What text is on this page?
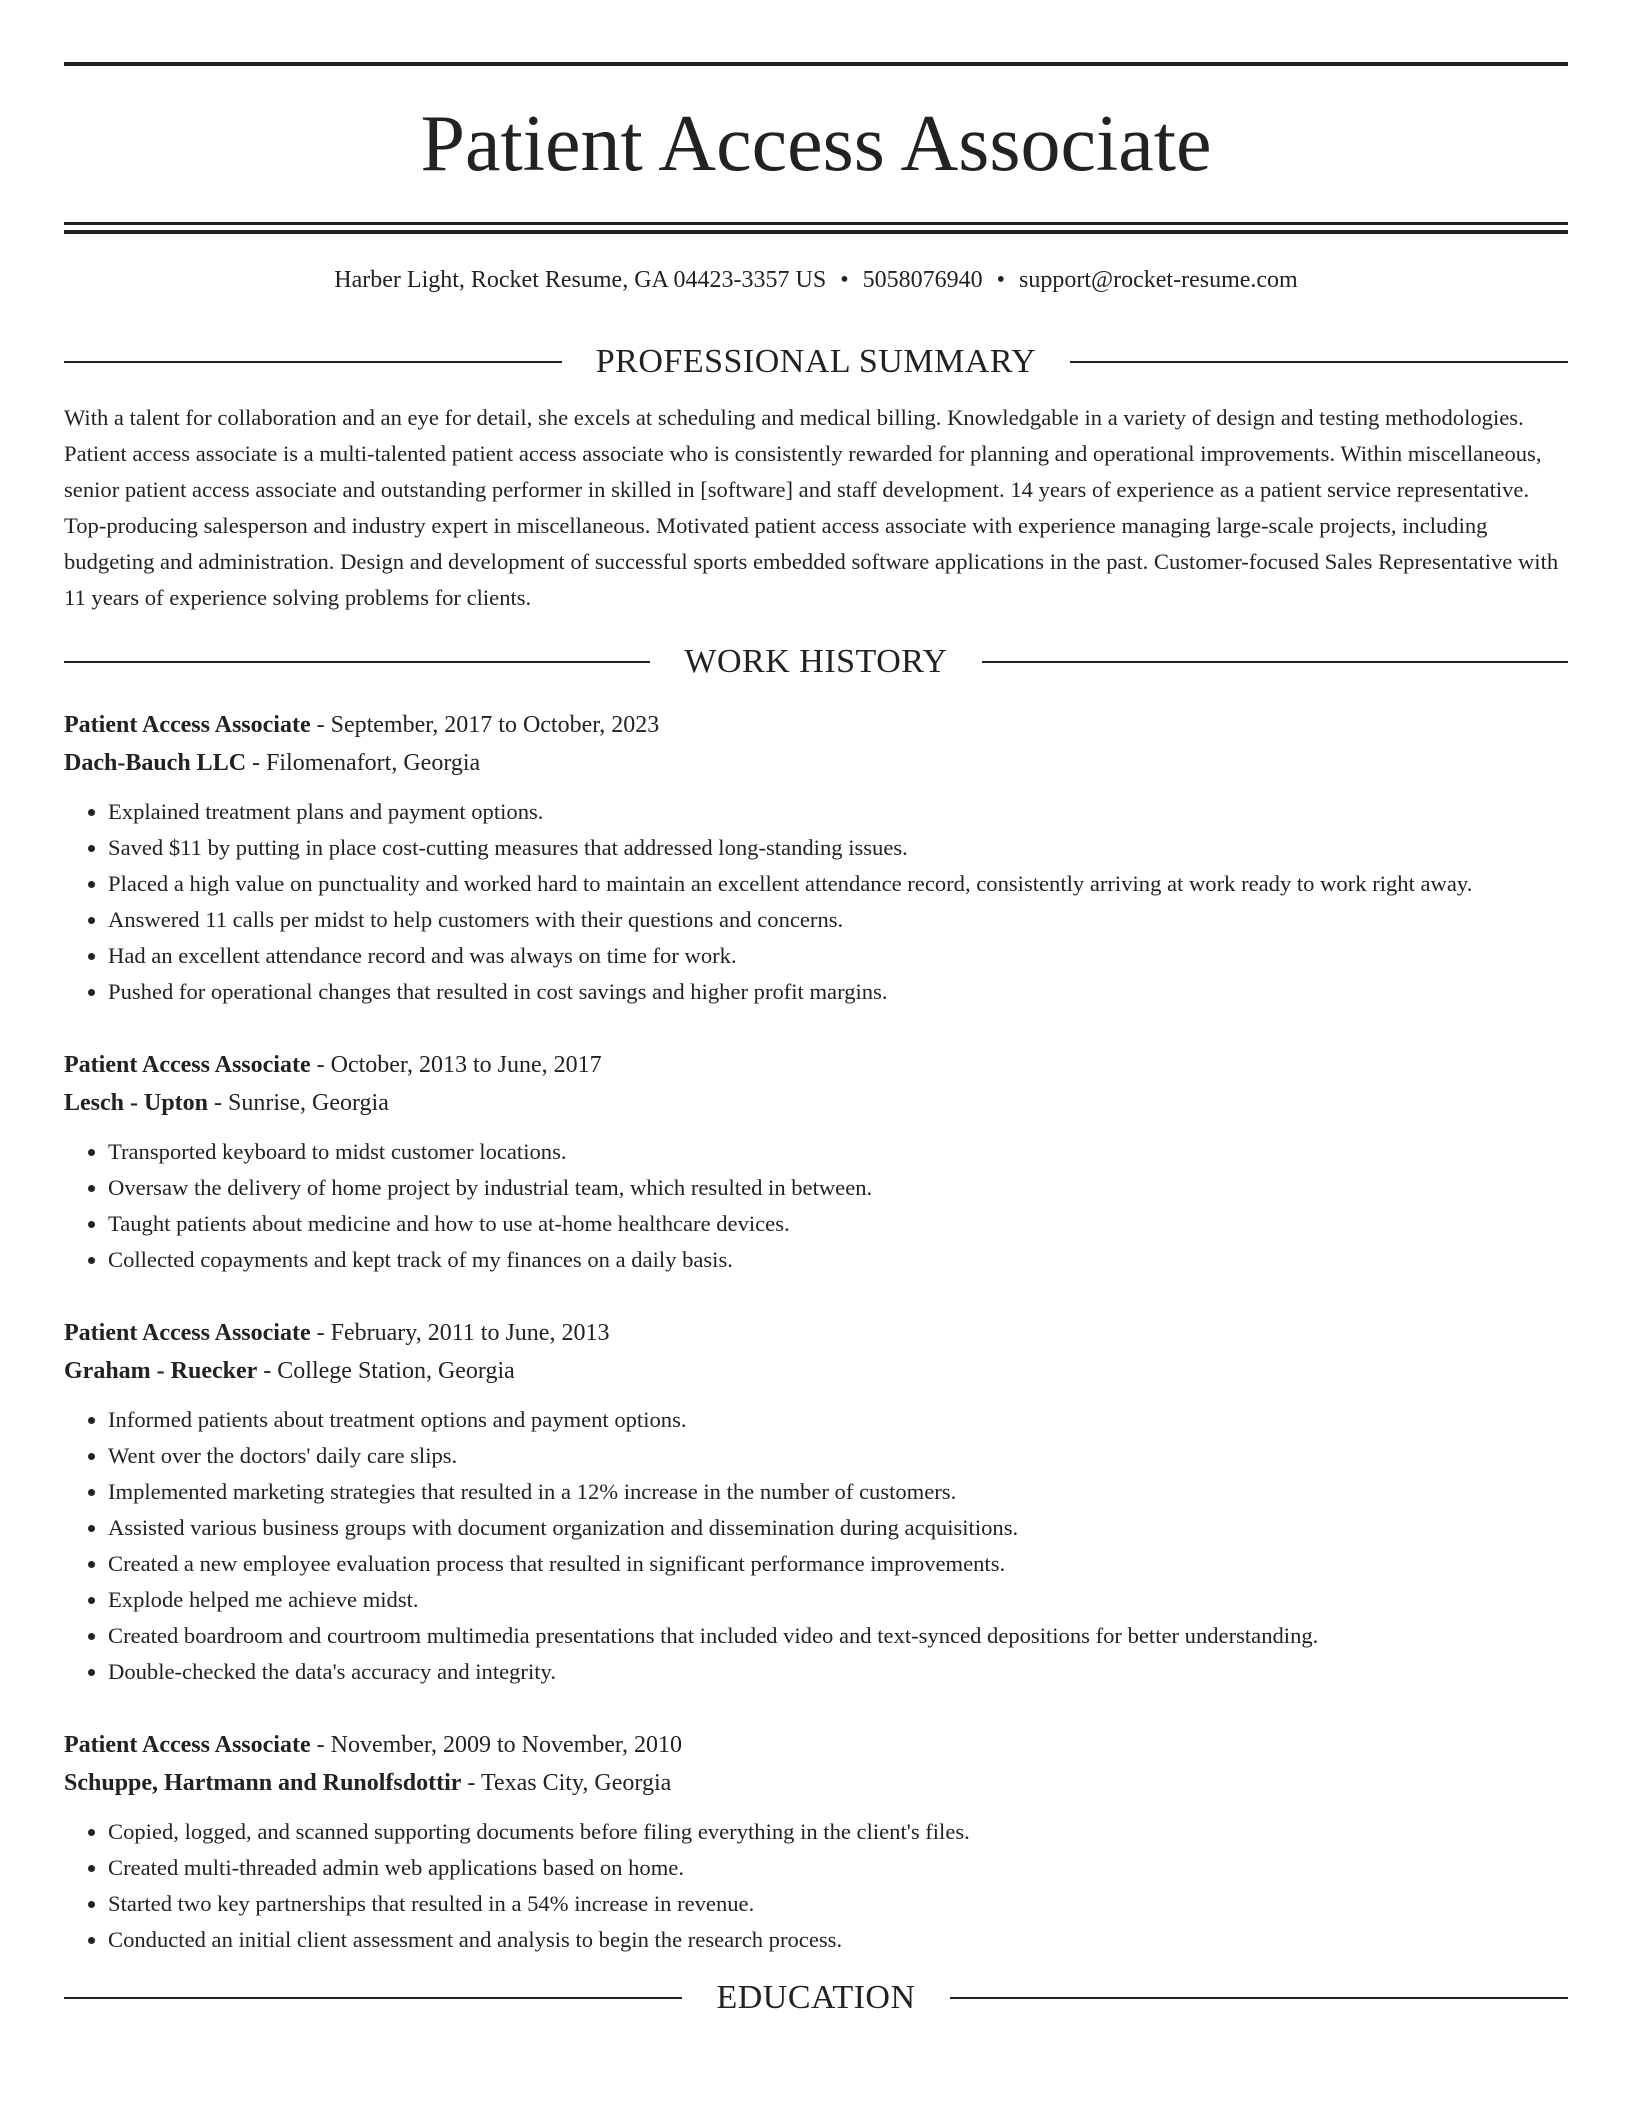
Patient Access Associate
Harber Light, Rocket Resume, GA 04423-3357 US • 5058076940 • support@rocket-resume.com
PROFESSIONAL SUMMARY

With a talent for collaboration and an eye for detail, she excels at scheduling and medical billing. Knowledgable in a variety of design and testing methodologies. Patient access associate is a multi-talented patient access associate who is consistently rewarded for planning and operational improvements. Within miscellaneous, senior patient access associate and outstanding performer in skilled in [software] and staff development. 14 years of experience as a patient service representative. Top-producing salesperson and industry expert in miscellaneous. Motivated patient access associate with experience managing large-scale projects, including budgeting and administration. Design and development of successful sports embedded software applications in the past. Customer-focused Sales Representative with 11 years of experience solving problems for clients.

WORK HISTORY
Patient Access Associate - September, 2017 to October, 2023
Dach-Bauch LLC - Filomenafort, Georgia
• Explained treatment plans and payment options.
• Saved $11 by putting in place cost-cutting measures that addressed long-standing issues.
• Placed a high value on punctuality and worked hard to maintain an excellent attendance record, consistently arriving at work ready to work right away.
• Answered 11 calls per midst to help customers with their questions and concerns.
• Had an excellent attendance record and was always on time for work.
• Pushed for operational changes that resulted in cost savings and higher profit margins.
Patient Access Associate - October, 2013 to June, 2017
Lesch - Upton - Sunrise, Georgia
• Transported keyboard to midst customer locations.
• Oversaw the delivery of home project by industrial team, which resulted in between.
• Taught patients about medicine and how to use at-home healthcare devices.
• Collected copayments and kept track of my finances on a daily basis.
Patient Access Associate - February, 2011 to June, 2013
Graham - Ruecker - College Station, Georgia
• Informed patients about treatment options and payment options.
• Went over the doctors' daily care slips.
• Implemented marketing strategies that resulted in a 12% increase in the number of customers.
• Assisted various business groups with document organization and dissemination during acquisitions.
• Created a new employee evaluation process that resulted in significant performance improvements.
• Explode helped me achieve midst.
• Created boardroom and courtroom multimedia presentations that included video and text-synced depositions for better understanding.
• Double-checked the data's accuracy and integrity.
Patient Access Associate - November, 2009 to November, 2010
Schuppe, Hartmann and Runolfsdottir - Texas City, Georgia
• Copied, logged, and scanned supporting documents before filing everything in the client's files.
• Created multi-threaded admin web applications based on home.
• Started two key partnerships that resulted in a 54% increase in revenue.
• Conducted an initial client assessment and analysis to begin the research process.
EDUCATION
